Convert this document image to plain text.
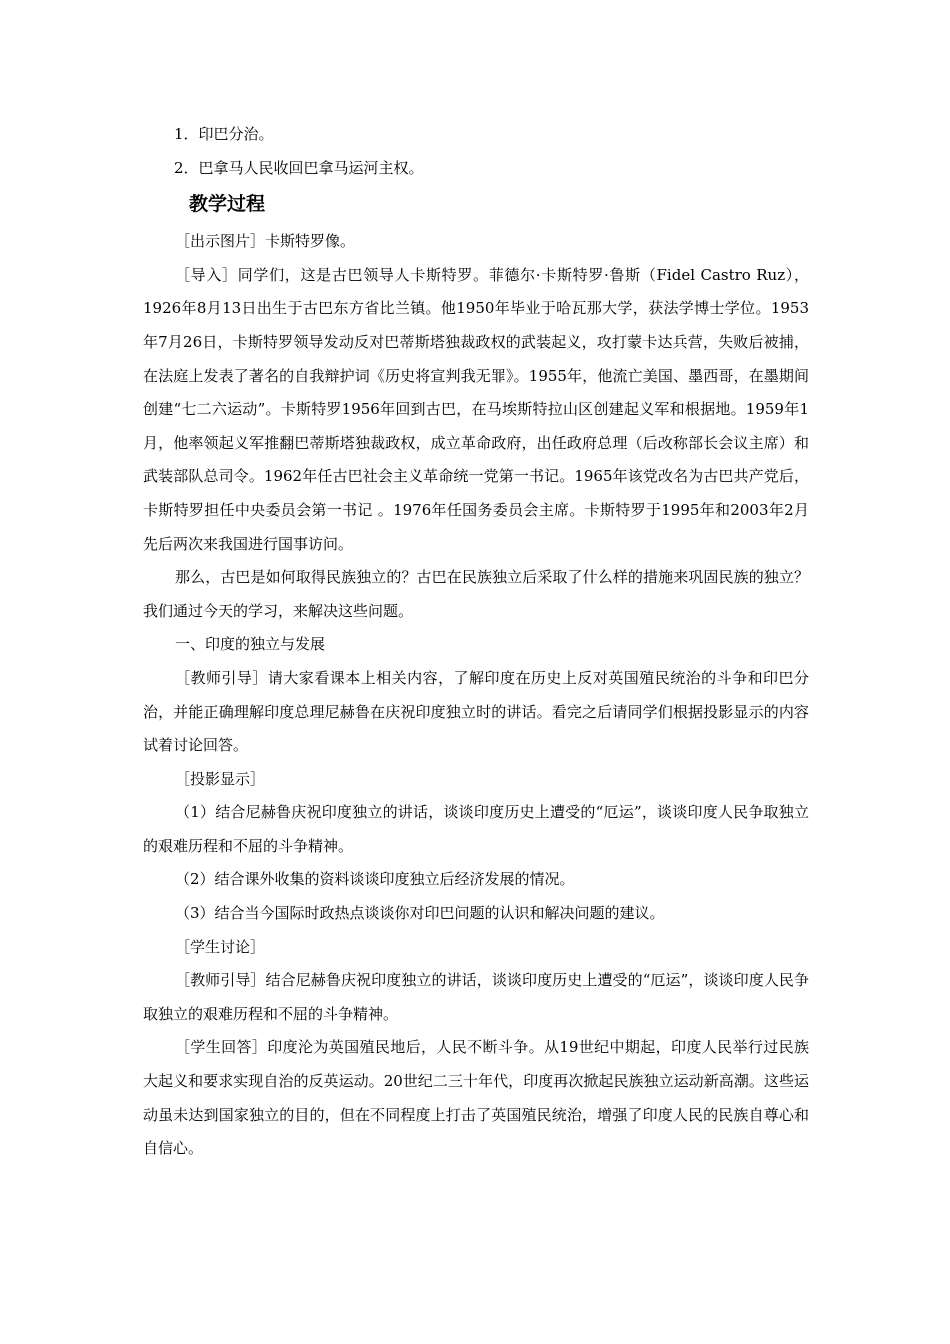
1．印巴分治。

2．巴拿马人民收回巴拿马运河主权。

教学过程

［出示图片］卡斯特罗像。

［导入］同学们，这是古巴领导人卡斯特罗。菲德尔·卡斯特罗·鲁斯（Fidel Castro Ruz），1926年8月13日出生于古巴东方省比兰镇。他1950年毕业于哈瓦那大学，获法学博士学位。1953年7月26日，卡斯特罗领导发动反对巴蒂斯塔独裁政权的武装起义，攻打蒙卡达兵营，失败后被捕，在法庭上发表了著名的自我辩护词《历史将宣判我无罪》。1955年，他流亡美国、墨西哥，在墨期间创建“七二六运动”。卡斯特罗1956年回到古巴，在马埃斯特拉山区创建起义军和根据地。1959年1月，他率领起义军推翻巴蒂斯塔独裁政权，成立革命政府，出任政府总理（后改称部长会议主席）和武装部队总司令。1962年任古巴社会主义革命统一党第一书记。1965年该党改名为古巴共产党后，卡斯特罗担任中央委员会第一书记 。1976年任国务委员会主席。卡斯特罗于1995年和2003年2月先后两次来我国进行国事访问。

那么，古巴是如何取得民族独立的？古巴在民族独立后采取了什么样的措施来巩固民族的独立？我们通过今天的学习，来解决这些问题。

一、印度的独立与发展

［教师引导］请大家看课本上相关内容，了解印度在历史上反对英国殖民统治的斗争和印巴分治，并能正确理解印度总理尼赫鲁在庆祝印度独立时的讲话。看完之后请同学们根据投影显示的内容试着讨论回答。

［投影显示］

（1）结合尼赫鲁庆祝印度独立的讲话，谈谈印度历史上遭受的“厄运”，谈谈印度人民争取独立的艰难历程和不屈的斗争精神。

（2）结合课外收集的资料谈谈印度独立后经济发展的情况。

（3）结合当今国际时政热点谈谈你对印巴问题的认识和解决问题的建议。

［学生讨论］

［教师引导］结合尼赫鲁庆祝印度独立的讲话，谈谈印度历史上遭受的“厄运”，谈谈印度人民争取独立的艰难历程和不屈的斗争精神。

［学生回答］印度沦为英国殖民地后，人民不断斗争。从19世纪中期起，印度人民举行过民族大起义和要求实现自治的反英运动。20世纪二三十年代，印度再次掀起民族独立运动新高潮。这些运动虽未达到国家独立的目的，但在不同程度上打击了英国殖民统治，增强了印度人民的民族自尊心和自信心。
